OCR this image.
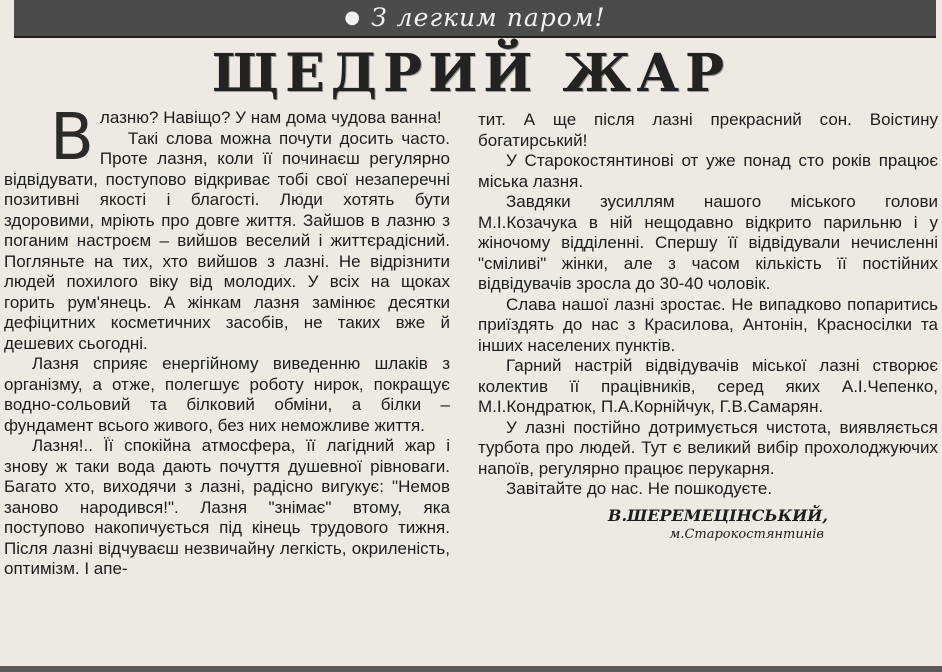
● З легким паром!
ЩЕДРИЙ ЖАР

Влазню? Навіщо? У нам дома чудова ванна!

Такі слова можна почути досить часто. Проте лазня, коли її починаєш регулярно відвідувати, поступово відкриває тобі свої незаперечні позитивні якості і благості. Люди хотять бути здоровими, мріють про довге життя. Зайшов в лазню з поганим настроєм – вийшов веселий і життєрадісний. Погляньте на тих, хто вийшов з лазні. Не відрізнити людей похилого віку від молодих. У всіх на щоках горить рум'янець. А жінкам лазня замінює десятки дефіцитних косметичних засобів, не таких вже й дешевих сьогодні.

Лазня сприяє енергійному виведенню шлаків з організму, а отже, полегшує роботу нирок, покращує водно-сольовий та білковий обміни, а білки – фундамент всього живого, без них неможливе життя.

Лазня!.. Її спокійна атмосфера, її лагідний жар і знову ж таки вода дають почуття душевної рівноваги. Багато хто, виходячи з лазні, радісно вигукує: "Немов заново народився!". Лазня "знімає" втому, яка поступово накопичується під кінець трудового тижня. Після лазні відчуваєш незвичайну легкість, окриленість, оптимізм. І апе-

тит. А ще після лазні прекрасний сон. Воістину богатирський!

У Старокостянтинові от уже понад сто років працює міська лазня.

Завдяки зусиллям нашого міського голови М.І.Козачука в ній нещодавно відкрито парильню і у жіночому відділенні. Спершу її відвідували нечисленні "сміливі" жінки, але з часом кількість її постійних відвідувачів зросла до 30-40 чоловік.

Слава нашої лазні зростає. Не випадково попаритись приїздять до нас з Красилова, Антонін, Красносілки та інших населених пунктів.

Гарний настрій відвідувачів міської лазні створює колектив її працівників, серед яких А.І.Чепенко, М.І.Кондратюк, П.А.Корнійчук, Г.В.Самарян.

У лазні постійно дотримується чистота, виявляється турбота про людей. Тут є великий вибір прохолоджуючих напоїв, регулярно працює перукарня.

Завітайте до нас. Не пошкодуєте.

В.ШЕРЕМЕЦІНСЬКИЙ,
м.Старокостянтинів
